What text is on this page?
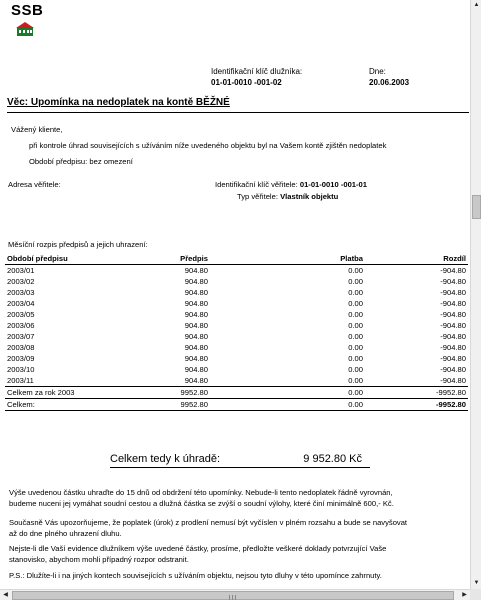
SSB
Identifikační klíč dlužníka:
01-01-0010 -001-02
Dne:
20.06.2003
Věc: Upomínka na nedoplatek na kontě BĚŽNÉ
Vážený kliente,
při kontrole úhrad souvisejících s užíváním níže uvedeného objektu byl na Vašem kontě zjištěn nedoplatek
Období předpisu: bez omezení
Adresa věřitele:	Identifikační klíč věřitele: 01-01-0010 -001-01
Typ věřitele: Vlastník objektu
Měsíční rozpis předpisů a jejich uhrazení:
Období předpisu	Předpis	Platba	Rozdíl
2003/01	904.80	0.00	-904.80
2003/02	904.80	0.00	-904.80
2003/03	904.80	0.00	-904.80
2003/04	904.80	0.00	-904.80
2003/05	904.80	0.00	-904.80
2003/06	904.80	0.00	-904.80
2003/07	904.80	0.00	-904.80
2003/08	904.80	0.00	-904.80
2003/09	904.80	0.00	-904.80
2003/10	904.80	0.00	-904.80
2003/11	904.80	0.00	-904.80
Celkem za rok 2003	9952.80	0.00	-9952.80
Celkem:	9952.80	0.00	-9952.80
Celkem tedy k úhradě:	9 952.80 Kč
Výše uvedenou částku uhraďte do 15 dnů od obdržení této upomínky. Nebude-li tento nedoplatek řádně vyrovnán,
budeme nuceni jej vymáhat soudní cestou a dlužná částka se zvýší o soudní výlohy, které činí minimálně 600,- Kč.
Současně Vás upozorňujeme, že poplatek (úrok) z prodlení nemusí být vyčíslen v plném rozsahu a bude se navyšovat
až do dne plného uhrazení dluhu.
Nejste-li dle Vaší evidence dlužníkem výše uvedené částky, prosíme, předložte veškeré doklady potvrzující Vaše
stanovisko, abychom mohli případný rozpor odstranit.
P.S.: Dlužíte-li i na jiných kontech souvisejících s užíváním objektu, nejsou tyto dluhy v této upomínce zahrnuty.
▲
▼
◀	▶
